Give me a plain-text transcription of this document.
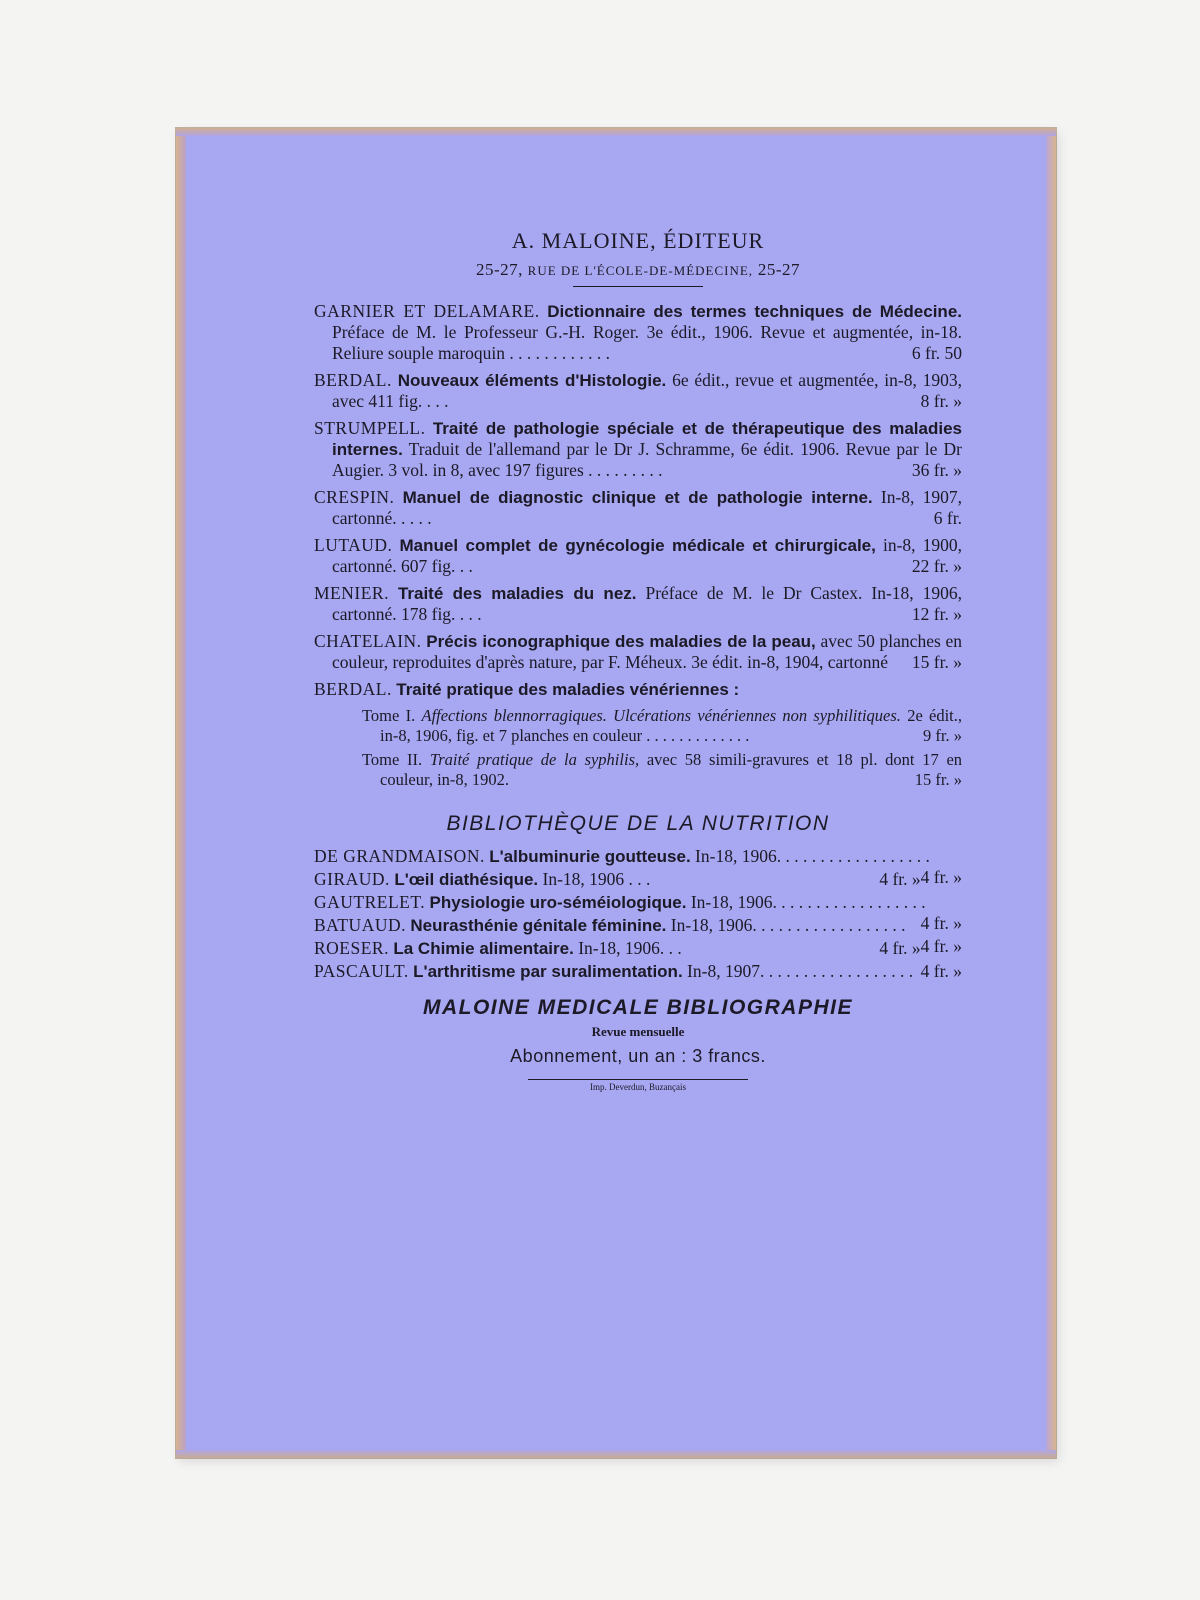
A. MALOINE, ÉDITEUR

25-27, RUE DE L'ÉCOLE-DE-MÉDECINE, 25-27

GARNIER ET DELAMARE. Dictionnaire des termes techniques de Médecine. Préface de M. le Professeur G.-H. Roger. 3e édit., 1906. Revue et augmentée, in-18. Reliure souple maroquin . . . . . . . . . . . .	6 fr. 50

BERDAL. Nouveaux éléments d'Histologie. 6e édit., revue et augmentée, in-8, 1903, avec 411 fig. . . .	8 fr. »

STRUMPELL. Traité de pathologie spéciale et de thérapeutique des maladies internes. Traduit de l'allemand par le Dr J. Schramme, 6e édit. 1906. Revue par le Dr Augier. 3 vol. in 8, avec 197 figures . . . . . . . . .	36 fr. »

CRESPIN. Manuel de diagnostic clinique et de pathologie interne. In-8, 1907, cartonné. . . . .	6 fr.

LUTAUD. Manuel complet de gynécologie médicale et chirurgicale, in-8, 1900, cartonné. 607 fig. . .	22 fr. »

MENIER. Traité des maladies du nez. Préface de M. le Dr Castex. In-18, 1906, cartonné. 178 fig. . . .	12 fr. »

CHATELAIN. Précis iconographique des maladies de la peau, avec 50 planches en couleur, reproduites d'après nature, par F. Méheux. 3e édit. in-8, 1904, cartonné 15 fr. »

BERDAL. Traité pratique des maladies vénériennes :

Tome I. Affections blennorragiques. Ulcérations vénériennes non syphilitiques. 2e édit., in-8, 1906, fig. et 7 planches en couleur . . . . . . . . . . . . .	9 fr. »

Tome II. Traité pratique de la syphilis, avec 58 simili-gravures et 18 pl. dont 17 en couleur, in-8, 1902.	15 fr. »

BIBLIOTHÈQUE DE LA NUTRITION

DE GRANDMAISON. L'albuminurie goutteuse. In-18, 1906. . . . . . . . . . . . . . . . . .
4 fr. »

GIRAUD. L'œil diathésique. In-18, 1906 . . .	4 fr. »

GAUTRELET. Physiologie uro-séméiologique. In-18, 1906. . . . . . . . . . . . . . . . . .
4 fr. »

BATUAUD. Neurasthénie génitale féminine. In-18, 1906. . . . . . . . . . . . . . . . . .
4 fr. »

ROESER. La Chimie alimentaire. In-18, 1906. . .	4 fr. »

PASCAULT. L'arthritisme par suralimentation. In-8, 1907. . . . . . . . . . . . . . . . . . 4 fr. »

MALOINE MEDICALE BIBLIOGRAPHIE

Revue mensuelle

Abonnement, un an : 3 francs.

Imp. Deverdun, Buzançais
